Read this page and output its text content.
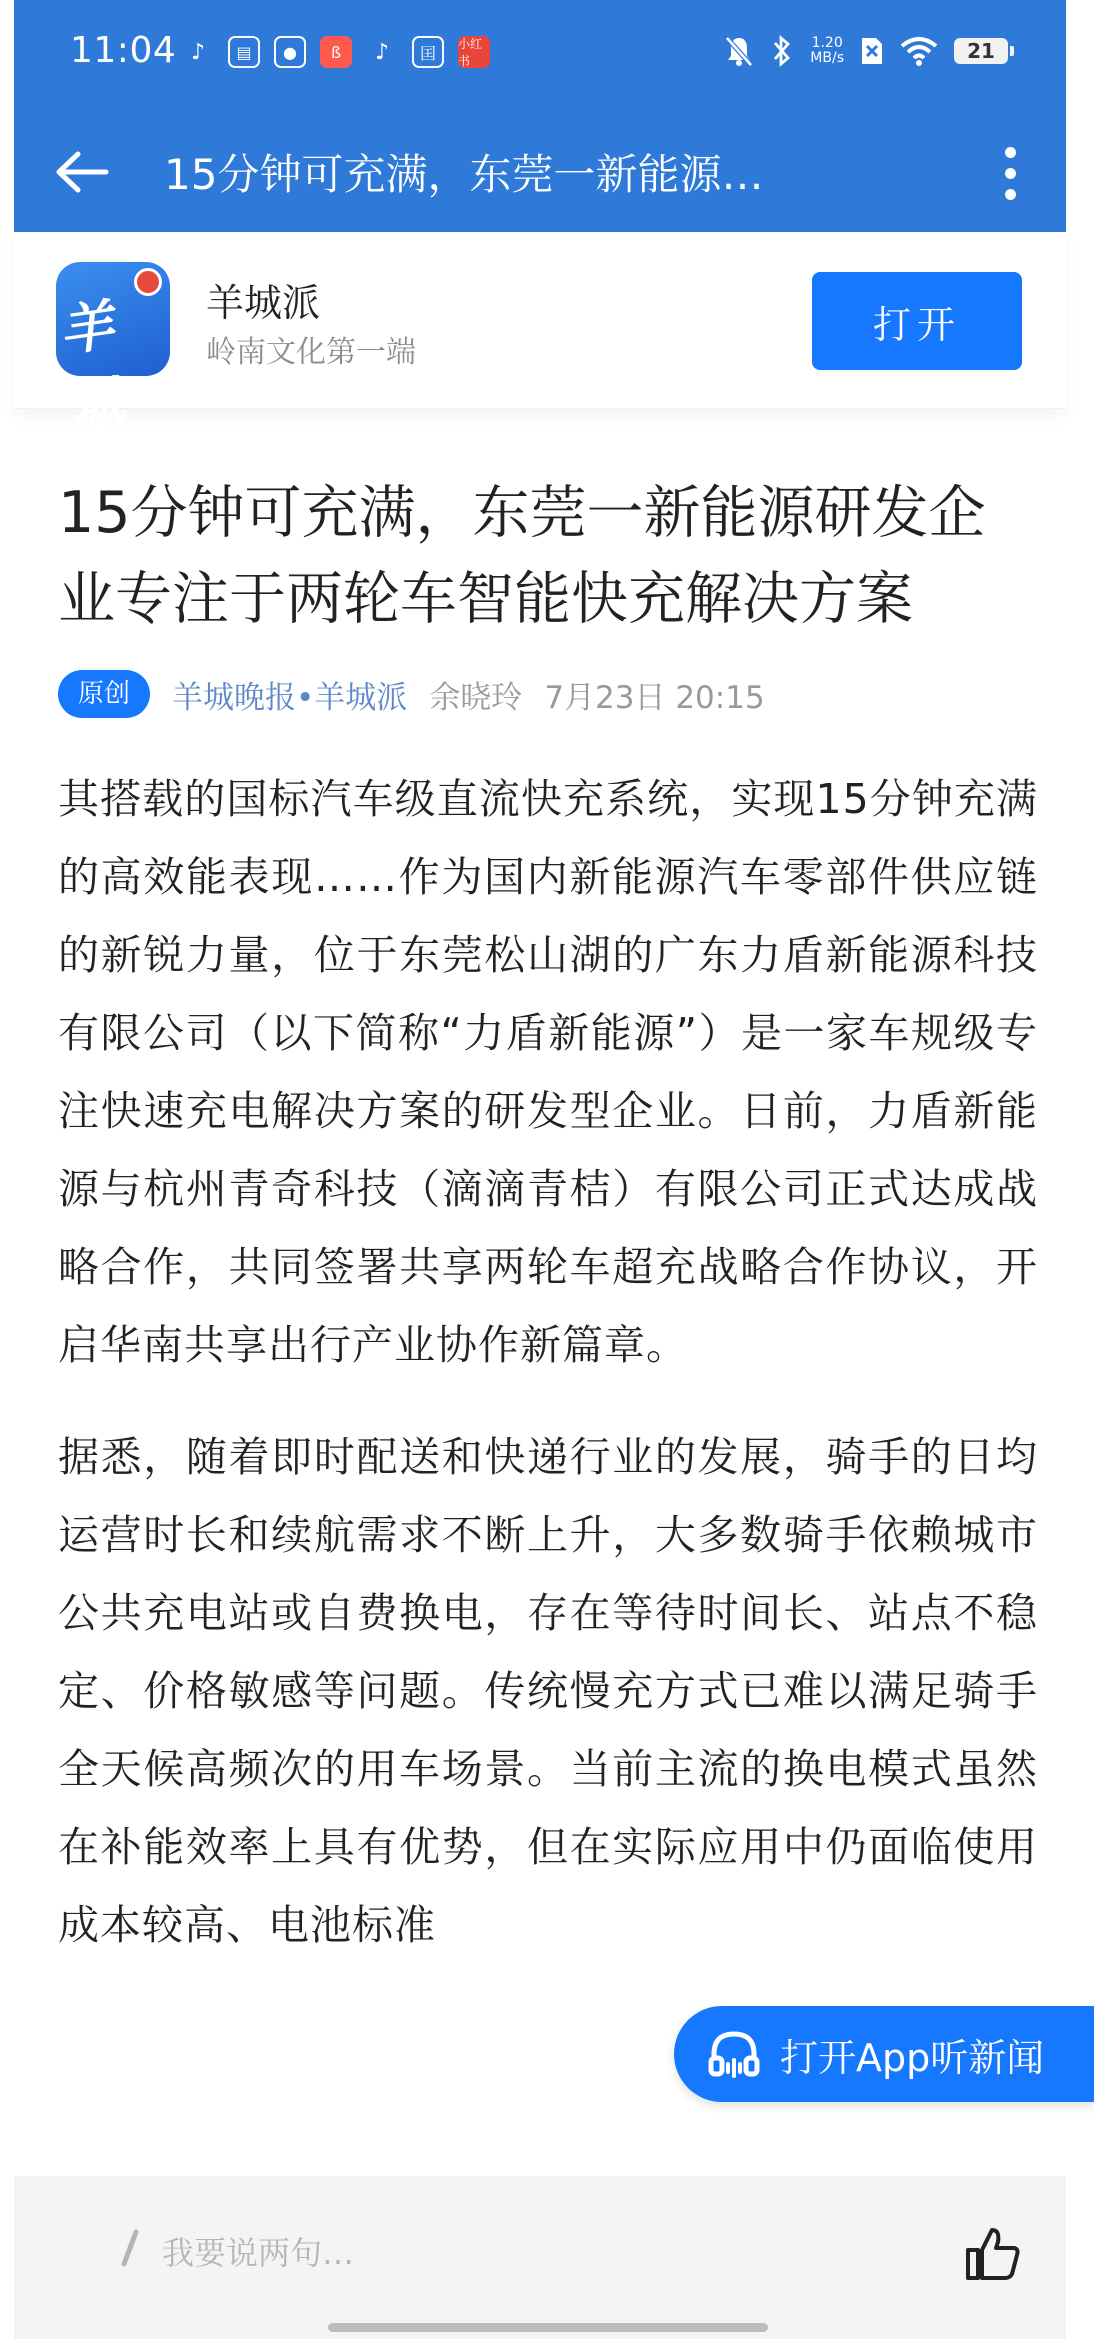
11:04 ♪	▤	●	ß	♪	囯	小红书
1.20
MB/s	21
15分钟可充满，东莞一新能源…
羊城
羊城派
岭南文化第一端
打开
15分钟可充满，东莞一新能源研发企业专注于两轮车智能快充解决方案
原创	羊城晚报•羊城派 余晓玲 7月23日 20:15

其搭载的国标汽车级直流快充系统，实现15分钟充满的高效能表现……作为国内新能源汽车零部件供应链的新锐力量，位于东莞松山湖的广东力盾新能源科技有限公司（以下简称“力盾新能源”）是一家车规级专注快速充电解决方案的研发型企业。日前，力盾新能源与杭州青奇科技（滴滴青桔）有限公司正式达成战略合作，共同签署共享两轮车超充战略合作协议，开启华南共享出行产业协作新篇章。

据悉，随着即时配送和快递行业的发展，骑手的日均运营时长和续航需求不断上升，大多数骑手依赖城市公共充电站或自费换电，存在等待时间长、站点不稳定、价格敏感等问题。传统慢充方式已难以满足骑手全天候高频次的用车场景。当前主流的换电模式虽然在补能效率上具有优势，但在实际应用中仍面临使用成本较高、电池标准

打开App听新闻
我要说两句…
